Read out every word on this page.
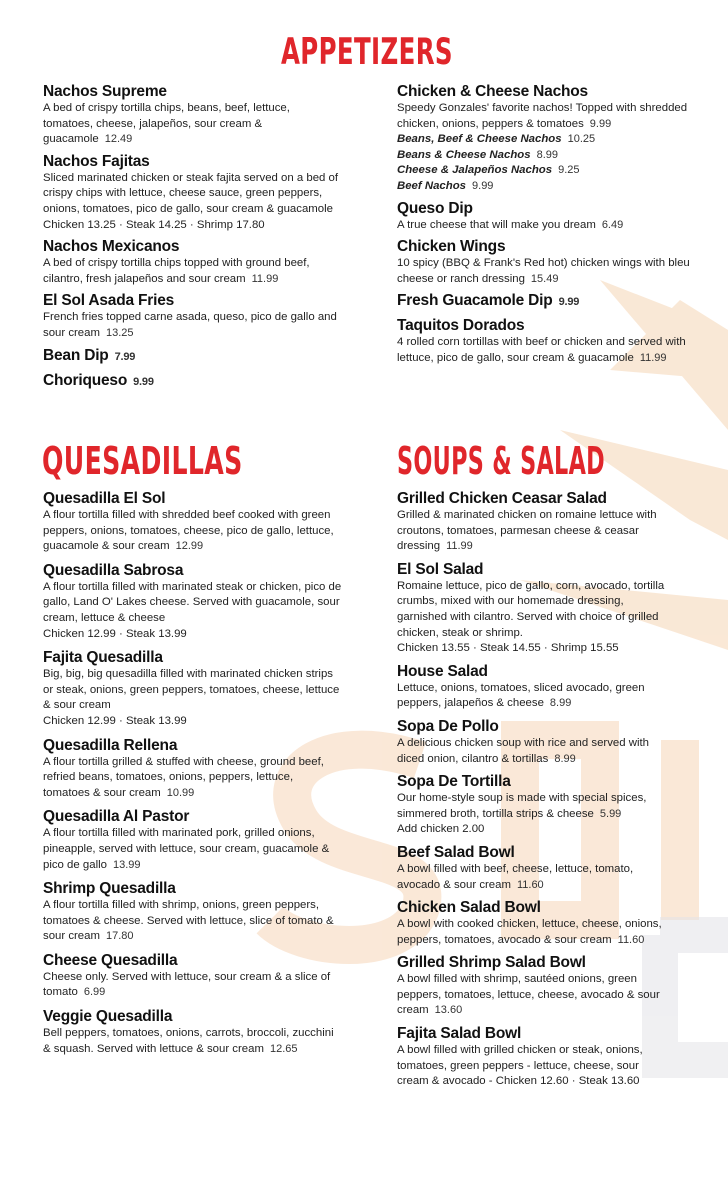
APPETIZERS
Nachos Supreme
A bed of crispy tortilla chips, beans, beef, lettuce, tomatoes, cheese, jalapeños, sour cream & guacamole 12.49
Nachos Fajitas
Sliced marinated chicken or steak fajita served on a bed of crispy chips with lettuce, cheese sauce, green peppers, onions, tomatoes, pico de gallo, sour cream & guacamole
Chicken 13.25 · Steak 14.25 · Shrimp 17.80
Nachos Mexicanos
A bed of crispy tortilla chips topped with ground beef, cilantro, fresh jalapeños and sour cream 11.99
El Sol Asada Fries
French fries topped carne asada, queso, pico de gallo and sour cream 13.25
Bean Dip 7.99
Choriqueso 9.99
Chicken & Cheese Nachos
Speedy Gonzales' favorite nachos! Topped with shredded chicken, onions, peppers & tomatoes 9.99
Beans, Beef & Cheese Nachos 10.25
Beans & Cheese Nachos 8.99
Cheese & Jalapeños Nachos 9.25
Beef Nachos 9.99
Queso Dip
A true cheese that will make you dream 6.49
Chicken Wings
10 spicy (BBQ & Frank's Red hot) chicken wings with bleu cheese or ranch dressing 15.49
Fresh Guacamole Dip 9.99
Taquitos Dorados
4 rolled corn tortillas with beef or chicken and served with lettuce, pico de gallo, sour cream & guacamole 11.99
QUESADILLAS
Quesadilla El Sol
A flour tortilla filled with shredded beef cooked with green peppers, onions, tomatoes, cheese, pico de gallo, lettuce, guacamole & sour cream 12.99
Quesadilla Sabrosa
A flour tortilla filled with marinated steak or chicken, pico de gallo, Land O' Lakes cheese. Served with guacamole, sour cream, lettuce & cheese
Chicken 12.99 · Steak 13.99
Fajita Quesadilla
Big, big, big quesadilla filled with marinated chicken strips or steak, onions, green peppers, tomatoes, cheese, lettuce & sour cream
Chicken 12.99 · Steak 13.99
Quesadilla Rellena
A flour tortilla grilled & stuffed with cheese, ground beef, refried beans, tomatoes, onions, peppers, lettuce, tomatoes & sour cream 10.99
Quesadilla Al Pastor
A flour tortilla filled with marinated pork, grilled onions, pineapple, served with lettuce, sour cream, guacamole & pico de gallo 13.99
Shrimp Quesadilla
A flour tortilla filled with shrimp, onions, green peppers, tomatoes & cheese. Served with lettuce, slice of tomato & sour cream 17.80
Cheese Quesadilla
Cheese only. Served with lettuce, sour cream & a slice of tomato 6.99
Veggie Quesadilla
Bell peppers, tomatoes, onions, carrots, broccoli, zucchini & squash. Served with lettuce & sour cream 12.65
SOUPS & SALAD
Grilled Chicken Ceasar Salad
Grilled & marinated chicken on romaine lettuce with croutons, tomatoes, parmesan cheese & ceasar dressing 11.99
El Sol Salad
Romaine lettuce, pico de gallo, corn, avocado, tortilla crumbs, mixed with our homemade dressing, garnished with cilantro. Served with choice of grilled chicken, steak or shrimp.
Chicken 13.55 · Steak 14.55 · Shrimp 15.55
House Salad
Lettuce, onions, tomatoes, sliced avocado, green peppers, jalapeños & cheese 8.99
Sopa De Pollo
A delicious chicken soup with rice and served with diced onion, cilantro & tortillas 8.99
Sopa De Tortilla
Our home-style soup is made with special spices, simmered broth, tortilla strips & cheese 5.99
Add chicken 2.00
Beef Salad Bowl
A bowl filled with beef, cheese, lettuce, tomato, avocado & sour cream 11.60
Chicken Salad Bowl
A bowl with cooked chicken, lettuce, cheese, onions, peppers, tomatoes, avocado & sour cream 11.60
Grilled Shrimp Salad Bowl
A bowl filled with shrimp, sautéed onions, green peppers, tomatoes, lettuce, cheese, avocado & sour cream 13.60
Fajita Salad Bowl
A bowl filled with grilled chicken or steak, onions, tomatoes, green peppers - lettuce, cheese, sour cream & avocado - Chicken 12.60 · Steak 13.60
